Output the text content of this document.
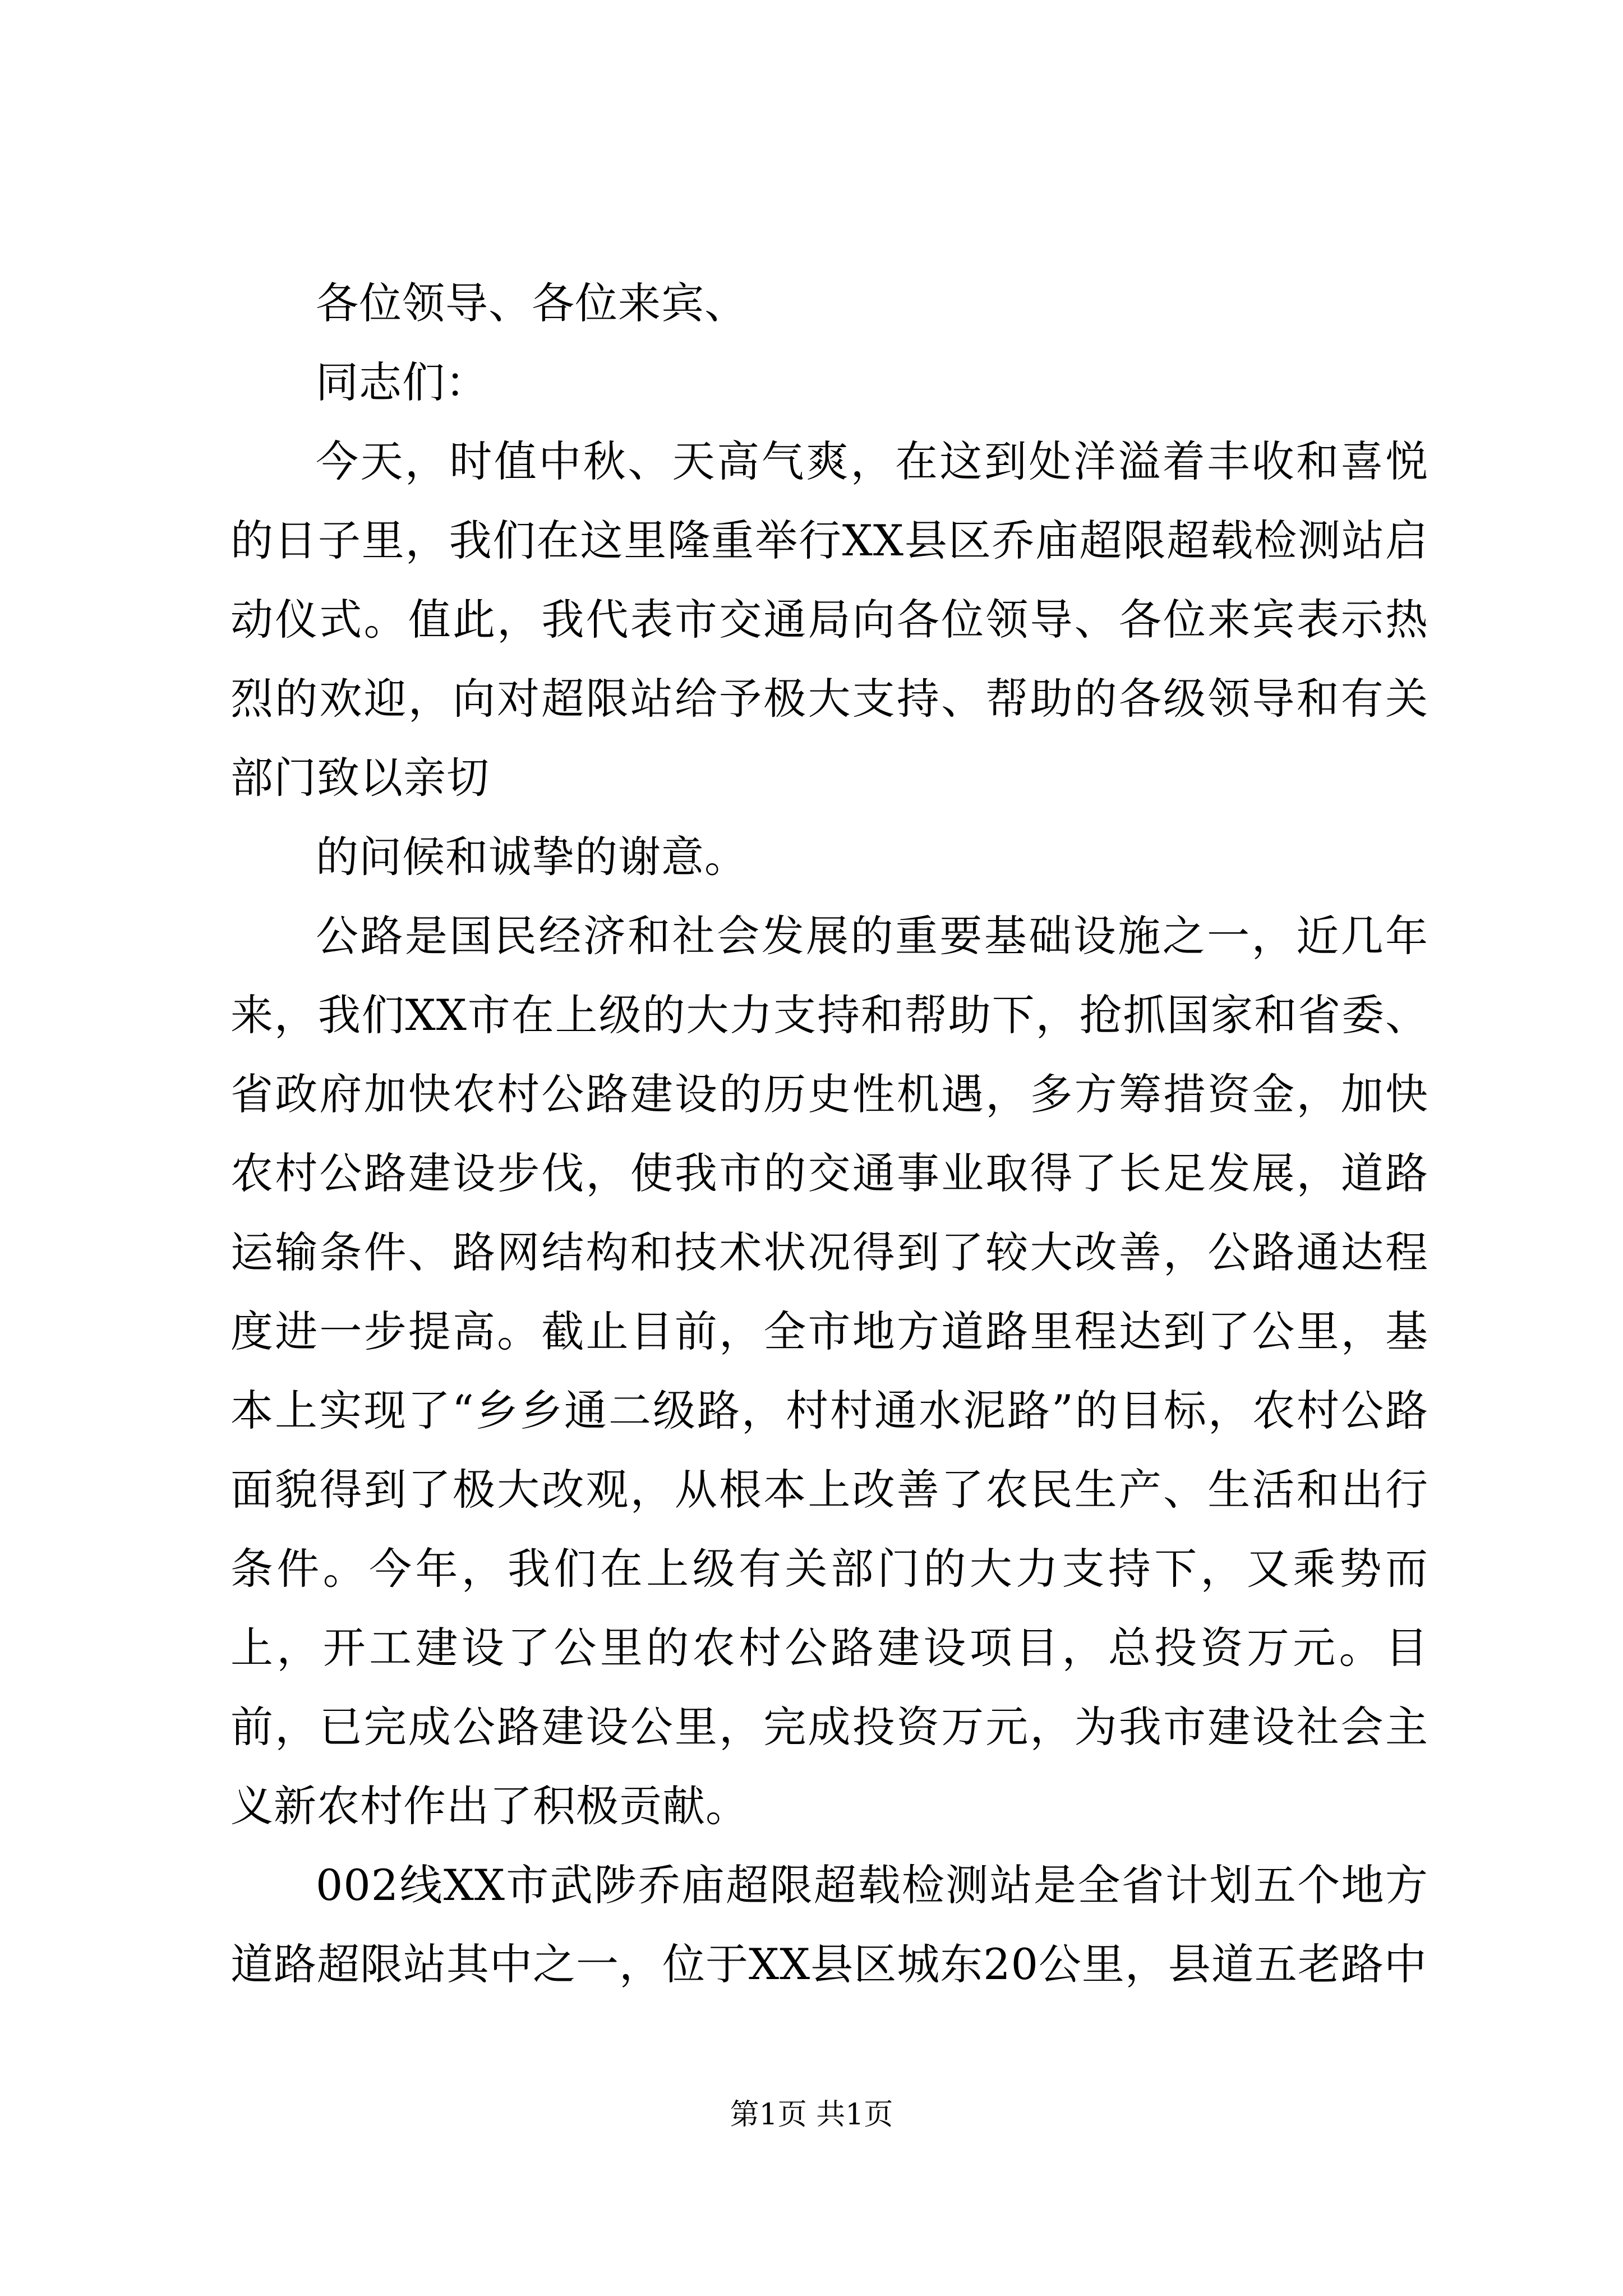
各位领导、各位来宾、

同志们：

今天，时值中秋、天高气爽，在这到处洋溢着丰收和喜悦的日子里，我们在这里隆重举行XX县区乔庙超限超载检测站启动仪式。值此，我代表市交通局向各位领导、各位来宾表示热烈的欢迎，向对超限站给予极大支持、帮助的各级领导和有关部门致以亲切

的问候和诚挚的谢意。

公路是国民经济和社会发展的重要基础设施之一，近几年来，我们XX市在上级的大力支持和帮助下，抢抓国家和省委、省政府加快农村公路建设的历史性机遇，多方筹措资金，加快农村公路建设步伐，使我市的交通事业取得了长足发展，道路运输条件、路网结构和技术状况得到了较大改善，公路通达程度进一步提高。截止目前，全市地方道路里程达到了公里，基本上实现了“乡乡通二级路，村村通水泥路”的目标，农村公路面貌得到了极大改观，从根本上改善了农民生产、生活和出行条件。今年，我们在上级有关部门的大力支持下，又乘势而上，开工建设了公里的农村公路建设项目，总投资万元。目前，已完成公路建设公里，完成投资万元，为我市建设社会主义新农村作出了积极贡献。

002线XX市武陟乔庙超限超载检测站是全省计划五个地方道路超限站其中之一，位于XX县区城东20公里，县道五老路中

第1页 共1页
